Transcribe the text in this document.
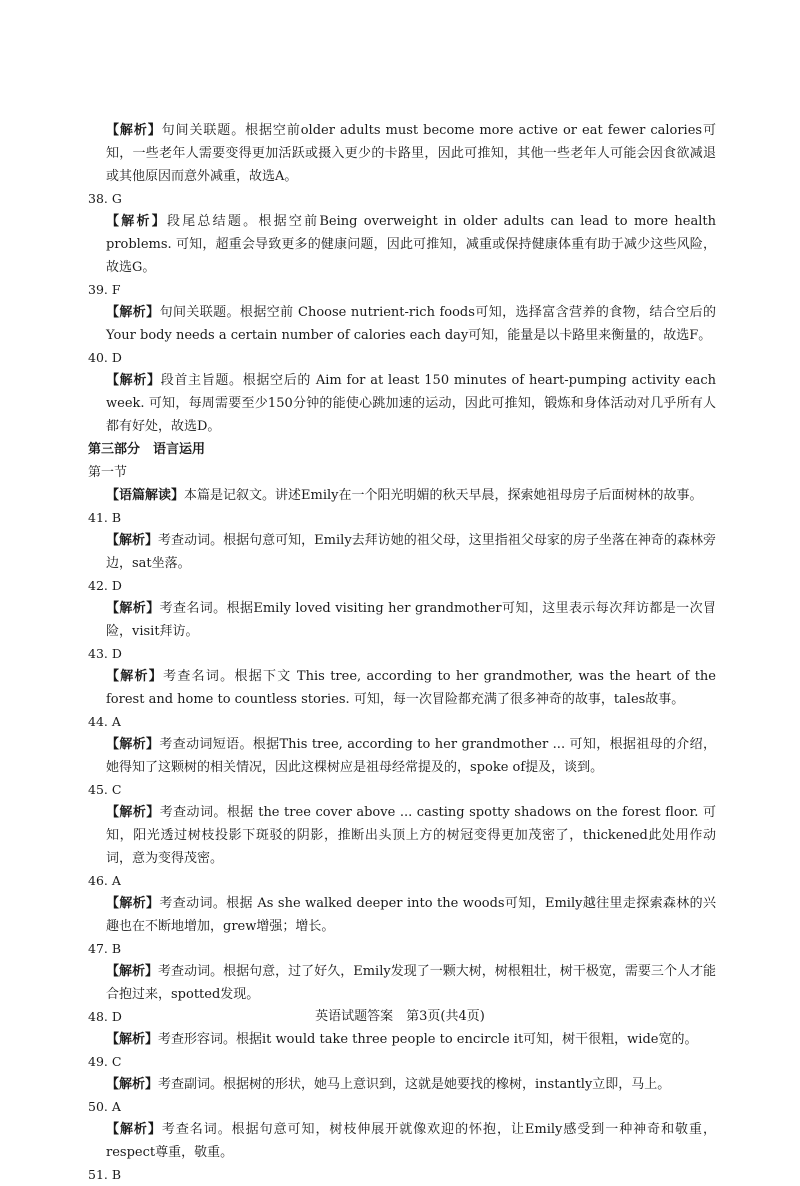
【解析】句间关联题。根据空前older adults must become more active or eat fewer calories可知，一些老年人需要变得更加活跃或摄入更少的卡路里，因此可推知，其他一些老年人可能会因食欲减退或其他原因而意外减重，故选A。

38. G

【解析】段尾总结题。根据空前Being overweight in older adults can lead to more health problems. 可知，超重会导致更多的健康问题，因此可推知，减重或保持健康体重有助于减少这些风险，故选G。

39. F

【解析】句间关联题。根据空前 Choose nutrient-rich foods可知，选择富含营养的食物，结合空后的 Your body needs a certain number of calories each day可知，能量是以卡路里来衡量的，故选F。

40. D

【解析】段首主旨题。根据空后的 Aim for at least 150 minutes of heart-pumping activity each week. 可知，每周需要至少150分钟的能使心跳加速的运动，因此可推知，锻炼和身体活动对几乎所有人都有好处，故选D。

第三部分　语言运用

第一节

【语篇解读】本篇是记叙文。讲述Emily在一个阳光明媚的秋天早晨，探索她祖母房子后面树林的故事。

41. B

【解析】考查动词。根据句意可知，Emily去拜访她的祖父母，这里指祖父母家的房子坐落在神奇的森林旁边，sat坐落。

42. D

【解析】考查名词。根据Emily loved visiting her grandmother可知，这里表示每次拜访都是一次冒险，visit拜访。

43. D

【解析】考查名词。根据下文 This tree, according to her grandmother, was the heart of the forest and home to countless stories. 可知，每一次冒险都充满了很多神奇的故事，tales故事。

44. A

【解析】考查动词短语。根据This tree, according to her grandmother ... 可知，根据祖母的介绍，她得知了这颗树的相关情况，因此这棵树应是祖母经常提及的，spoke of提及，谈到。

45. C

【解析】考查动词。根据 the tree cover above ... casting spotty shadows on the forest floor. 可知，阳光透过树枝投影下斑驳的阴影，推断出头顶上方的树冠变得更加茂密了，thickened此处用作动词，意为变得茂密。

46. A

【解析】考查动词。根据 As she walked deeper into the woods可知，Emily越往里走探索森林的兴趣也在不断地增加，grew增强；增长。

47. B

【解析】考查动词。根据句意，过了好久，Emily发现了一颗大树，树根粗壮，树干极宽，需要三个人才能合抱过来，spotted发现。

48. D

【解析】考查形容词。根据it would take three people to encircle it可知，树干很粗，wide宽的。

49. C

【解析】考查副词。根据树的形状，她马上意识到，这就是她要找的橡树，instantly立即，马上。

50. A

【解析】考查名词。根据句意可知，树枝伸展开就像欢迎的怀抱，让Emily感受到一种神奇和敬重，respect尊重，敬重。

51. B

英语试题答案　第3页(共4页)
